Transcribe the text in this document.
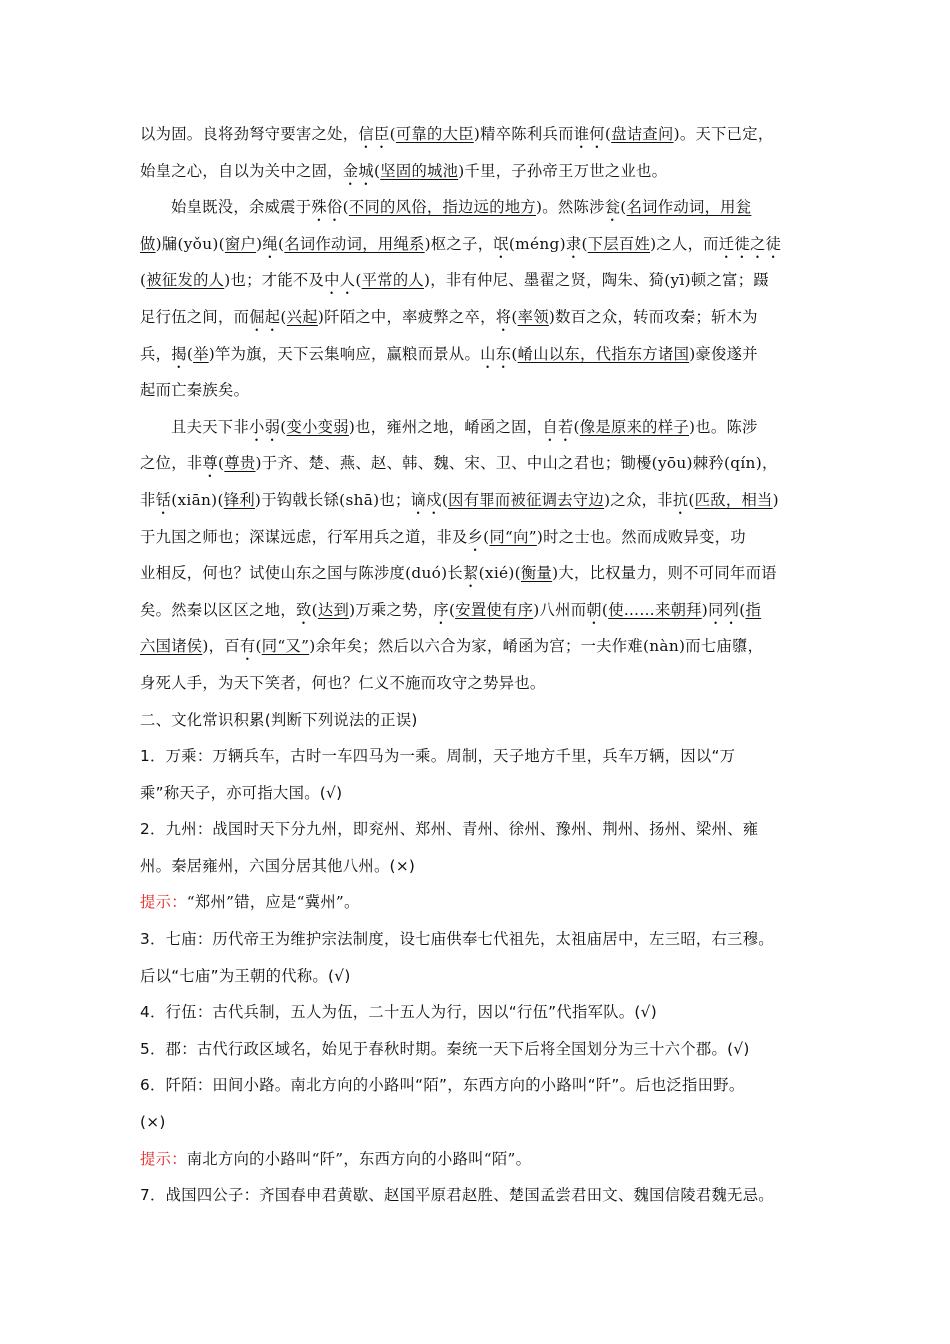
以为固。良将劲弩守要害之处，信臣(可靠的大臣)精卒陈利兵而谁何(盘诘查问)。天下已定，
始皇之心，自以为关中之固，金城(坚固的城池)千里，子孙帝王万世之业也。
始皇既没，余威震于殊俗(不同的风俗，指边远的地方)。然陈涉瓮(名词作动词，用瓮
做)牖(yǒu)(窗户)绳(名词作动词，用绳系)枢之子，氓(méng)隶(下层百姓)之人，而迁徙之徒
(被征发的人)也；才能不及中人(平常的人)，非有仲尼、墨翟之贤，陶朱、猗(yī)顿之富；蹑
足行伍之间，而倔起(兴起)阡陌之中，率疲弊之卒，将(率领)数百之众，转而攻秦；斩木为
兵，揭(举)竿为旗，天下云集响应，赢粮而景从。山东(崤山以东，代指东方诸国)豪俊遂并
起而亡秦族矣。
且夫天下非小弱(变小变弱)也，雍州之地，崤函之固，自若(像是原来的样子)也。陈涉
之位，非尊(尊贵)于齐、楚、燕、赵、韩、魏、宋、卫、中山之君也；锄櫌(yōu)棘矜(qín)，
非铦(xiān)(锋利)于钩戟长铩(shā)也；谪戍(因有罪而被征调去守边)之众，非抗(匹敌，相当)
于九国之师也；深谋远虑，行军用兵之道，非及乡(同“向”)时之士也。然而成败异变，功
业相反，何也？试使山东之国与陈涉度(duó)长絜(xié)(衡量)大，比权量力，则不可同年而语
矣。然秦以区区之地，致(达到)万乘之势，序(安置使有序)八州而朝(使……来朝拜)同列(指
六国诸侯)，百有(同“又”)余年矣；然后以六合为家，崤函为宫；一夫作难(nàn)而七庙隳，
身死人手，为天下笑者，何也？仁义不施而攻守之势异也。
二、文化常识积累(判断下列说法的正误)
1．万乘：万辆兵车，古时一车四马为一乘。周制，天子地方千里，兵车万辆，因以“万
乘”称天子，亦可指大国。(√)
2．九州：战国时天下分九州，即兖州、郑州、青州、徐州、豫州、荆州、扬州、梁州、雍
州。秦居雍州，六国分居其他八州。(×)
提示：“郑州”错，应是“冀州”。
3．七庙：历代帝王为维护宗法制度，设七庙供奉七代祖先，太祖庙居中，左三昭，右三穆。
后以“七庙”为王朝的代称。(√)
4．行伍：古代兵制，五人为伍，二十五人为行，因以“行伍”代指军队。(√)
5．郡：古代行政区域名，始见于春秋时期。秦统一天下后将全国划分为三十六个郡。(√)
6．阡陌：田间小路。南北方向的小路叫“陌”，东西方向的小路叫“阡”。后也泛指田野。
(×)
提示：南北方向的小路叫“阡”，东西方向的小路叫“陌”。
7．战国四公子：齐国春申君黄歇、赵国平原君赵胜、楚国孟尝君田文、魏国信陵君魏无忌。
